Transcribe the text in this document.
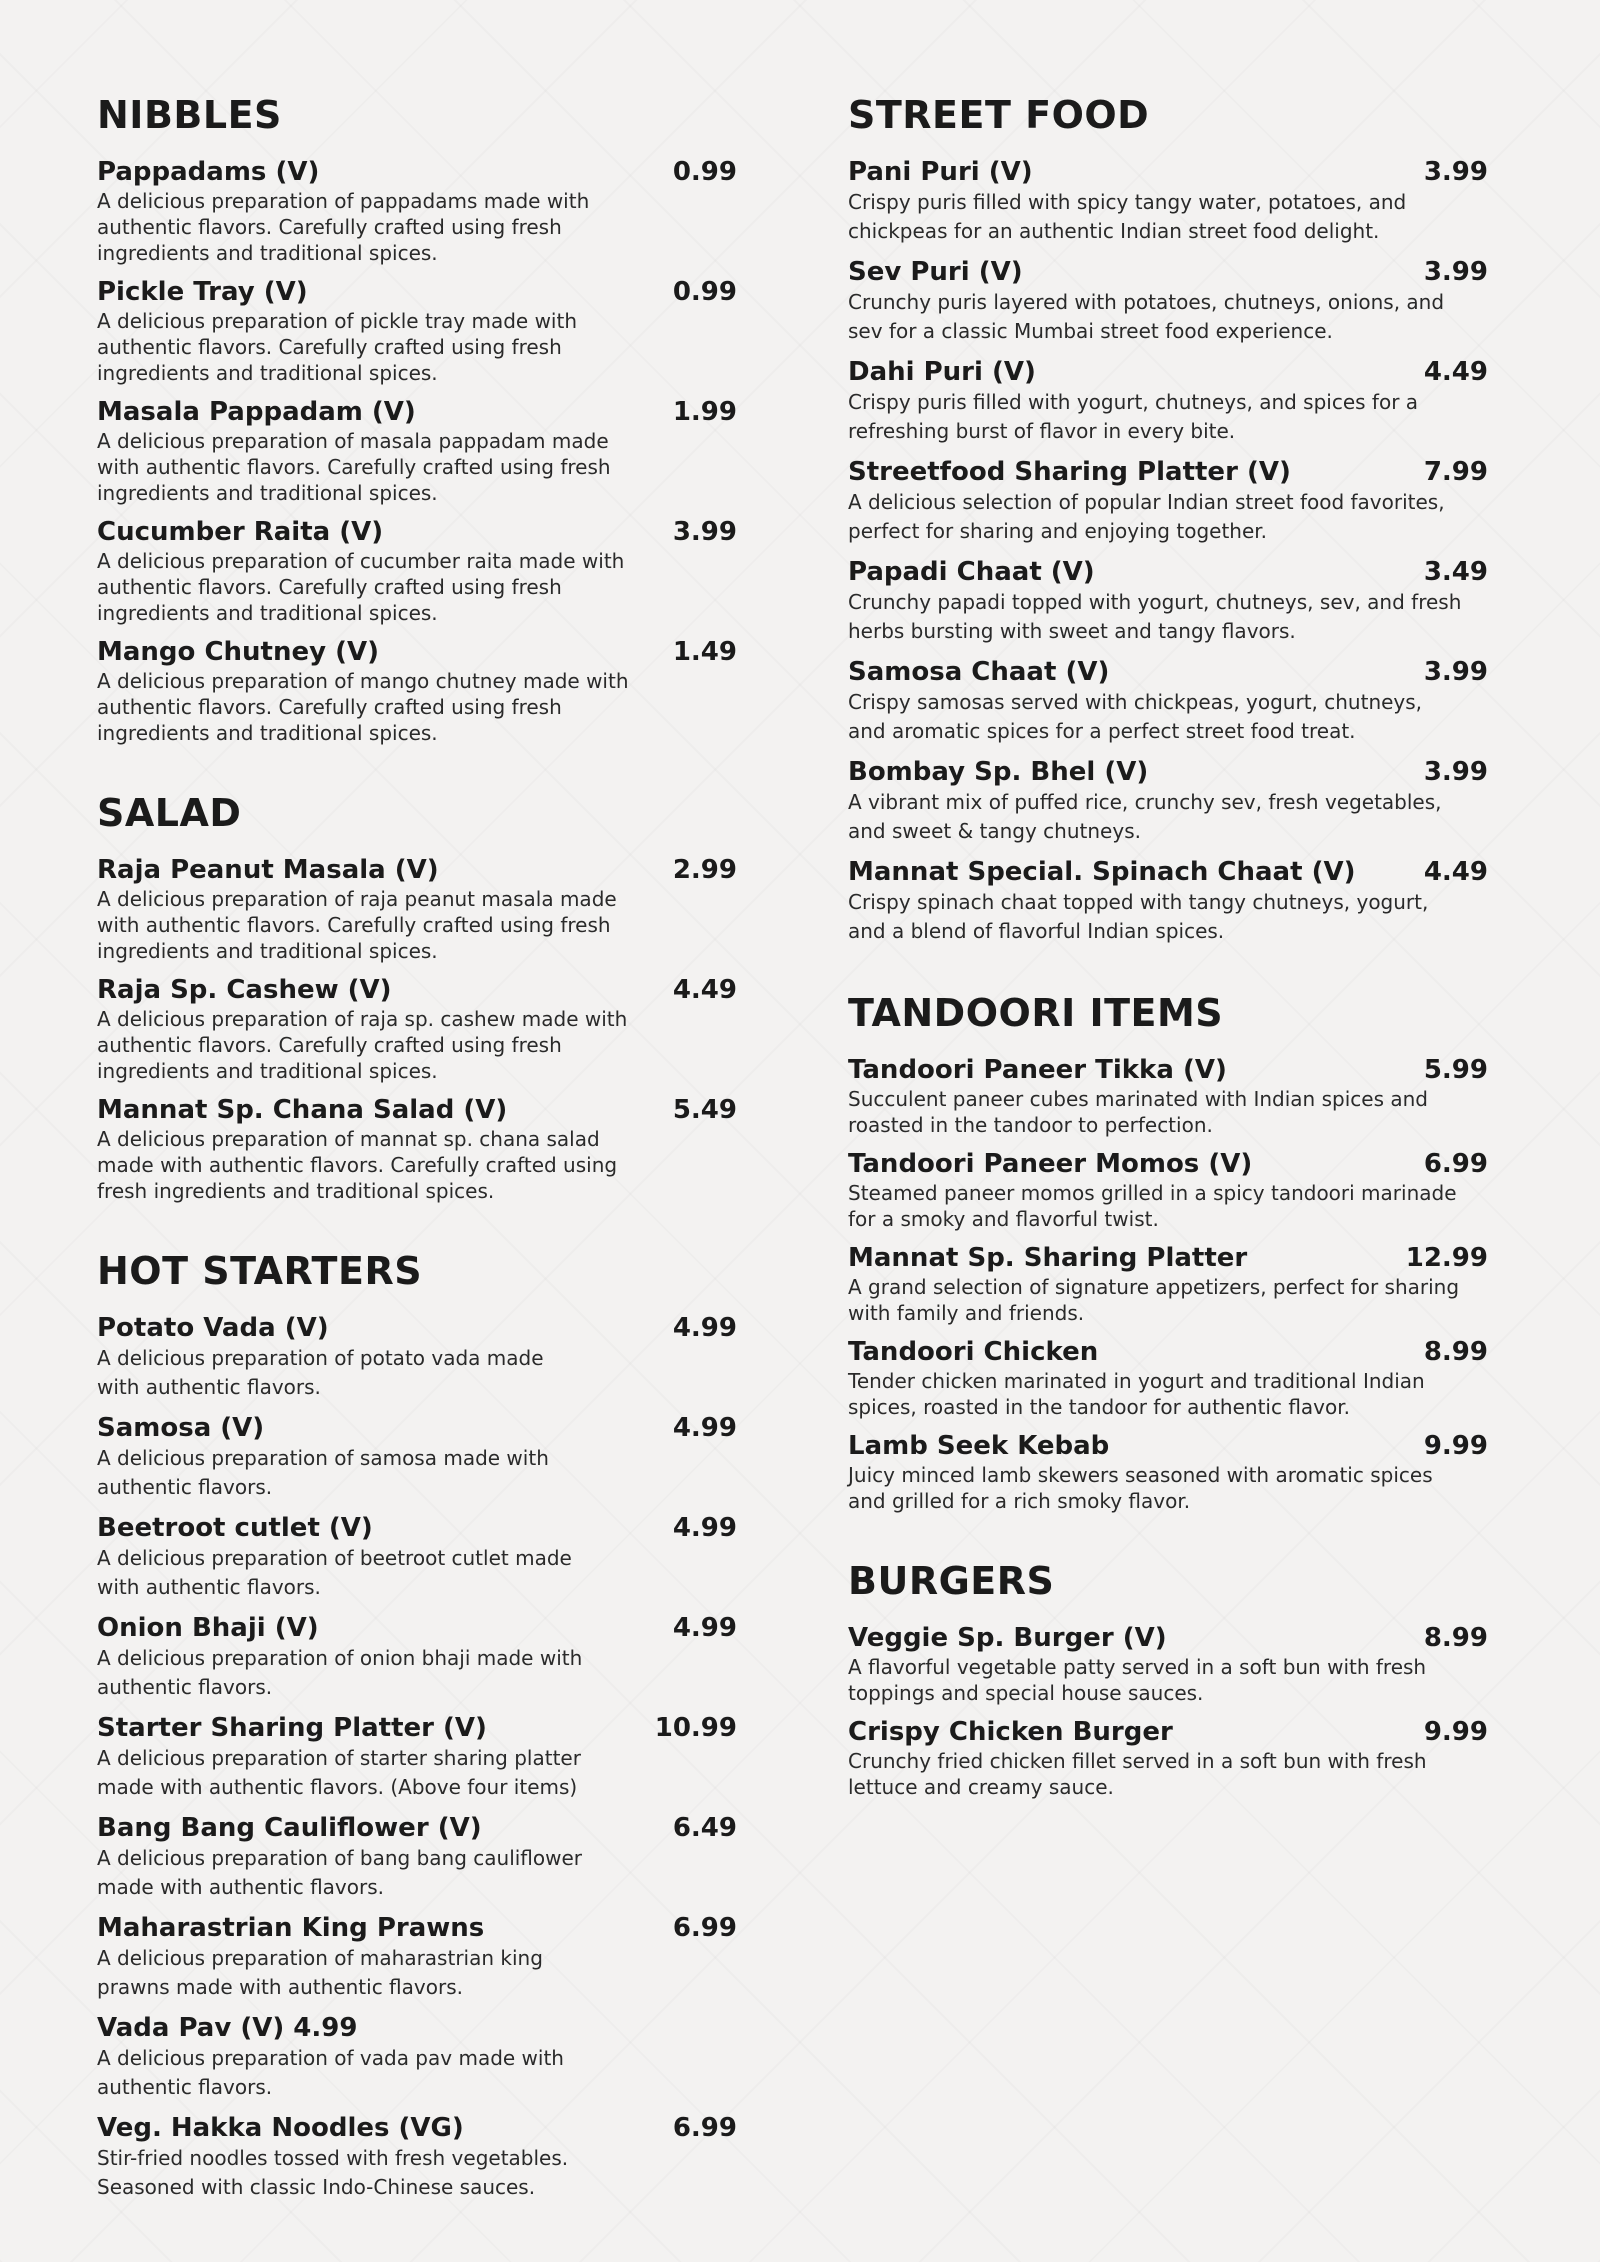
NIBBLES
Pappadams (V)	0.99
A delicious preparation of pappadams made with authentic flavors. Carefully crafted using fresh ingredients and traditional spices.
Pickle Tray (V)	0.99
A delicious preparation of pickle tray made with authentic flavors. Carefully crafted using fresh ingredients and traditional spices.
Masala Pappadam (V)	1.99
A delicious preparation of masala pappadam made with authentic flavors. Carefully crafted using fresh ingredients and traditional spices.
Cucumber Raita (V)	3.99
A delicious preparation of cucumber raita made with authentic flavors. Carefully crafted using fresh ingredients and traditional spices.
Mango Chutney (V)	1.49
A delicious preparation of mango chutney made with authentic flavors. Carefully crafted using fresh ingredients and traditional spices.
SALAD
Raja Peanut Masala (V)	2.99
A delicious preparation of raja peanut masala made with authentic flavors. Carefully crafted using fresh ingredients and traditional spices.
Raja Sp. Cashew (V)	4.49
A delicious preparation of raja sp. cashew made with authentic flavors. Carefully crafted using fresh ingredients and traditional spices.
Mannat Sp. Chana Salad (V)	5.49
A delicious preparation of mannat sp. chana salad made with authentic flavors. Carefully crafted using fresh ingredients and traditional spices.
HOT STARTERS
Potato Vada (V)	4.99
A delicious preparation of potato vada made with authentic flavors.
Samosa (V)	4.99
A delicious preparation of samosa made with authentic flavors.
Beetroot cutlet (V)	4.99
A delicious preparation of beetroot cutlet made with authentic flavors.
Onion Bhaji (V)	4.99
A delicious preparation of onion bhaji made with authentic flavors.
Starter Sharing Platter (V)	10.99
A delicious preparation of starter sharing platter made with authentic flavors. (Above four items)
Bang Bang Cauliflower (V)	6.49
A delicious preparation of bang bang cauliflower made with authentic flavors.
Maharastrian King Prawns	6.99
A delicious preparation of maharastrian king prawns made with authentic flavors.
Vada Pav (V) 4.99
A delicious preparation of vada pav made with authentic flavors.
Veg. Hakka Noodles (VG)	6.99
Stir-fried noodles tossed with fresh vegetables. Seasoned with classic Indo-Chinese sauces.
STREET FOOD
Pani Puri (V)	3.99
Crispy puris filled with spicy tangy water, potatoes, and chickpeas for an authentic Indian street food delight.
Sev Puri (V)	3.99
Crunchy puris layered with potatoes, chutneys, onions, and sev for a classic Mumbai street food experience.
Dahi Puri (V)	4.49
Crispy puris filled with yogurt, chutneys, and spices for a refreshing burst of flavor in every bite.
Streetfood Sharing Platter (V)	7.99
A delicious selection of popular Indian street food favorites, perfect for sharing and enjoying together.
Papadi Chaat (V)	3.49
Crunchy papadi topped with yogurt, chutneys, sev, and fresh herbs bursting with sweet and tangy flavors.
Samosa Chaat (V)	3.99
Crispy samosas served with chickpeas, yogurt, chutneys, and aromatic spices for a perfect street food treat.
Bombay Sp. Bhel (V)	3.99
A vibrant mix of puffed rice, crunchy sev, fresh vegetables, and sweet & tangy chutneys.
Mannat Special. Spinach Chaat (V)	4.49
Crispy spinach chaat topped with tangy chutneys, yogurt, and a blend of flavorful Indian spices.
TANDOORI ITEMS
Tandoori Paneer Tikka (V)	5.99
Succulent paneer cubes marinated with Indian spices and roasted in the tandoor to perfection.
Tandoori Paneer Momos (V)	6.99
Steamed paneer momos grilled in a spicy tandoori marinade for a smoky and flavorful twist.
Mannat Sp. Sharing Platter	12.99
A grand selection of signature appetizers, perfect for sharing with family and friends.
Tandoori Chicken	8.99
Tender chicken marinated in yogurt and traditional Indian spices, roasted in the tandoor for authentic flavor.
Lamb Seek Kebab	9.99
Juicy minced lamb skewers seasoned with aromatic spices and grilled for a rich smoky flavor.
BURGERS
Veggie Sp. Burger (V)	8.99
A flavorful vegetable patty served in a soft bun with fresh toppings and special house sauces.
Crispy Chicken Burger	9.99
Crunchy fried chicken fillet served in a soft bun with fresh lettuce and creamy sauce.
